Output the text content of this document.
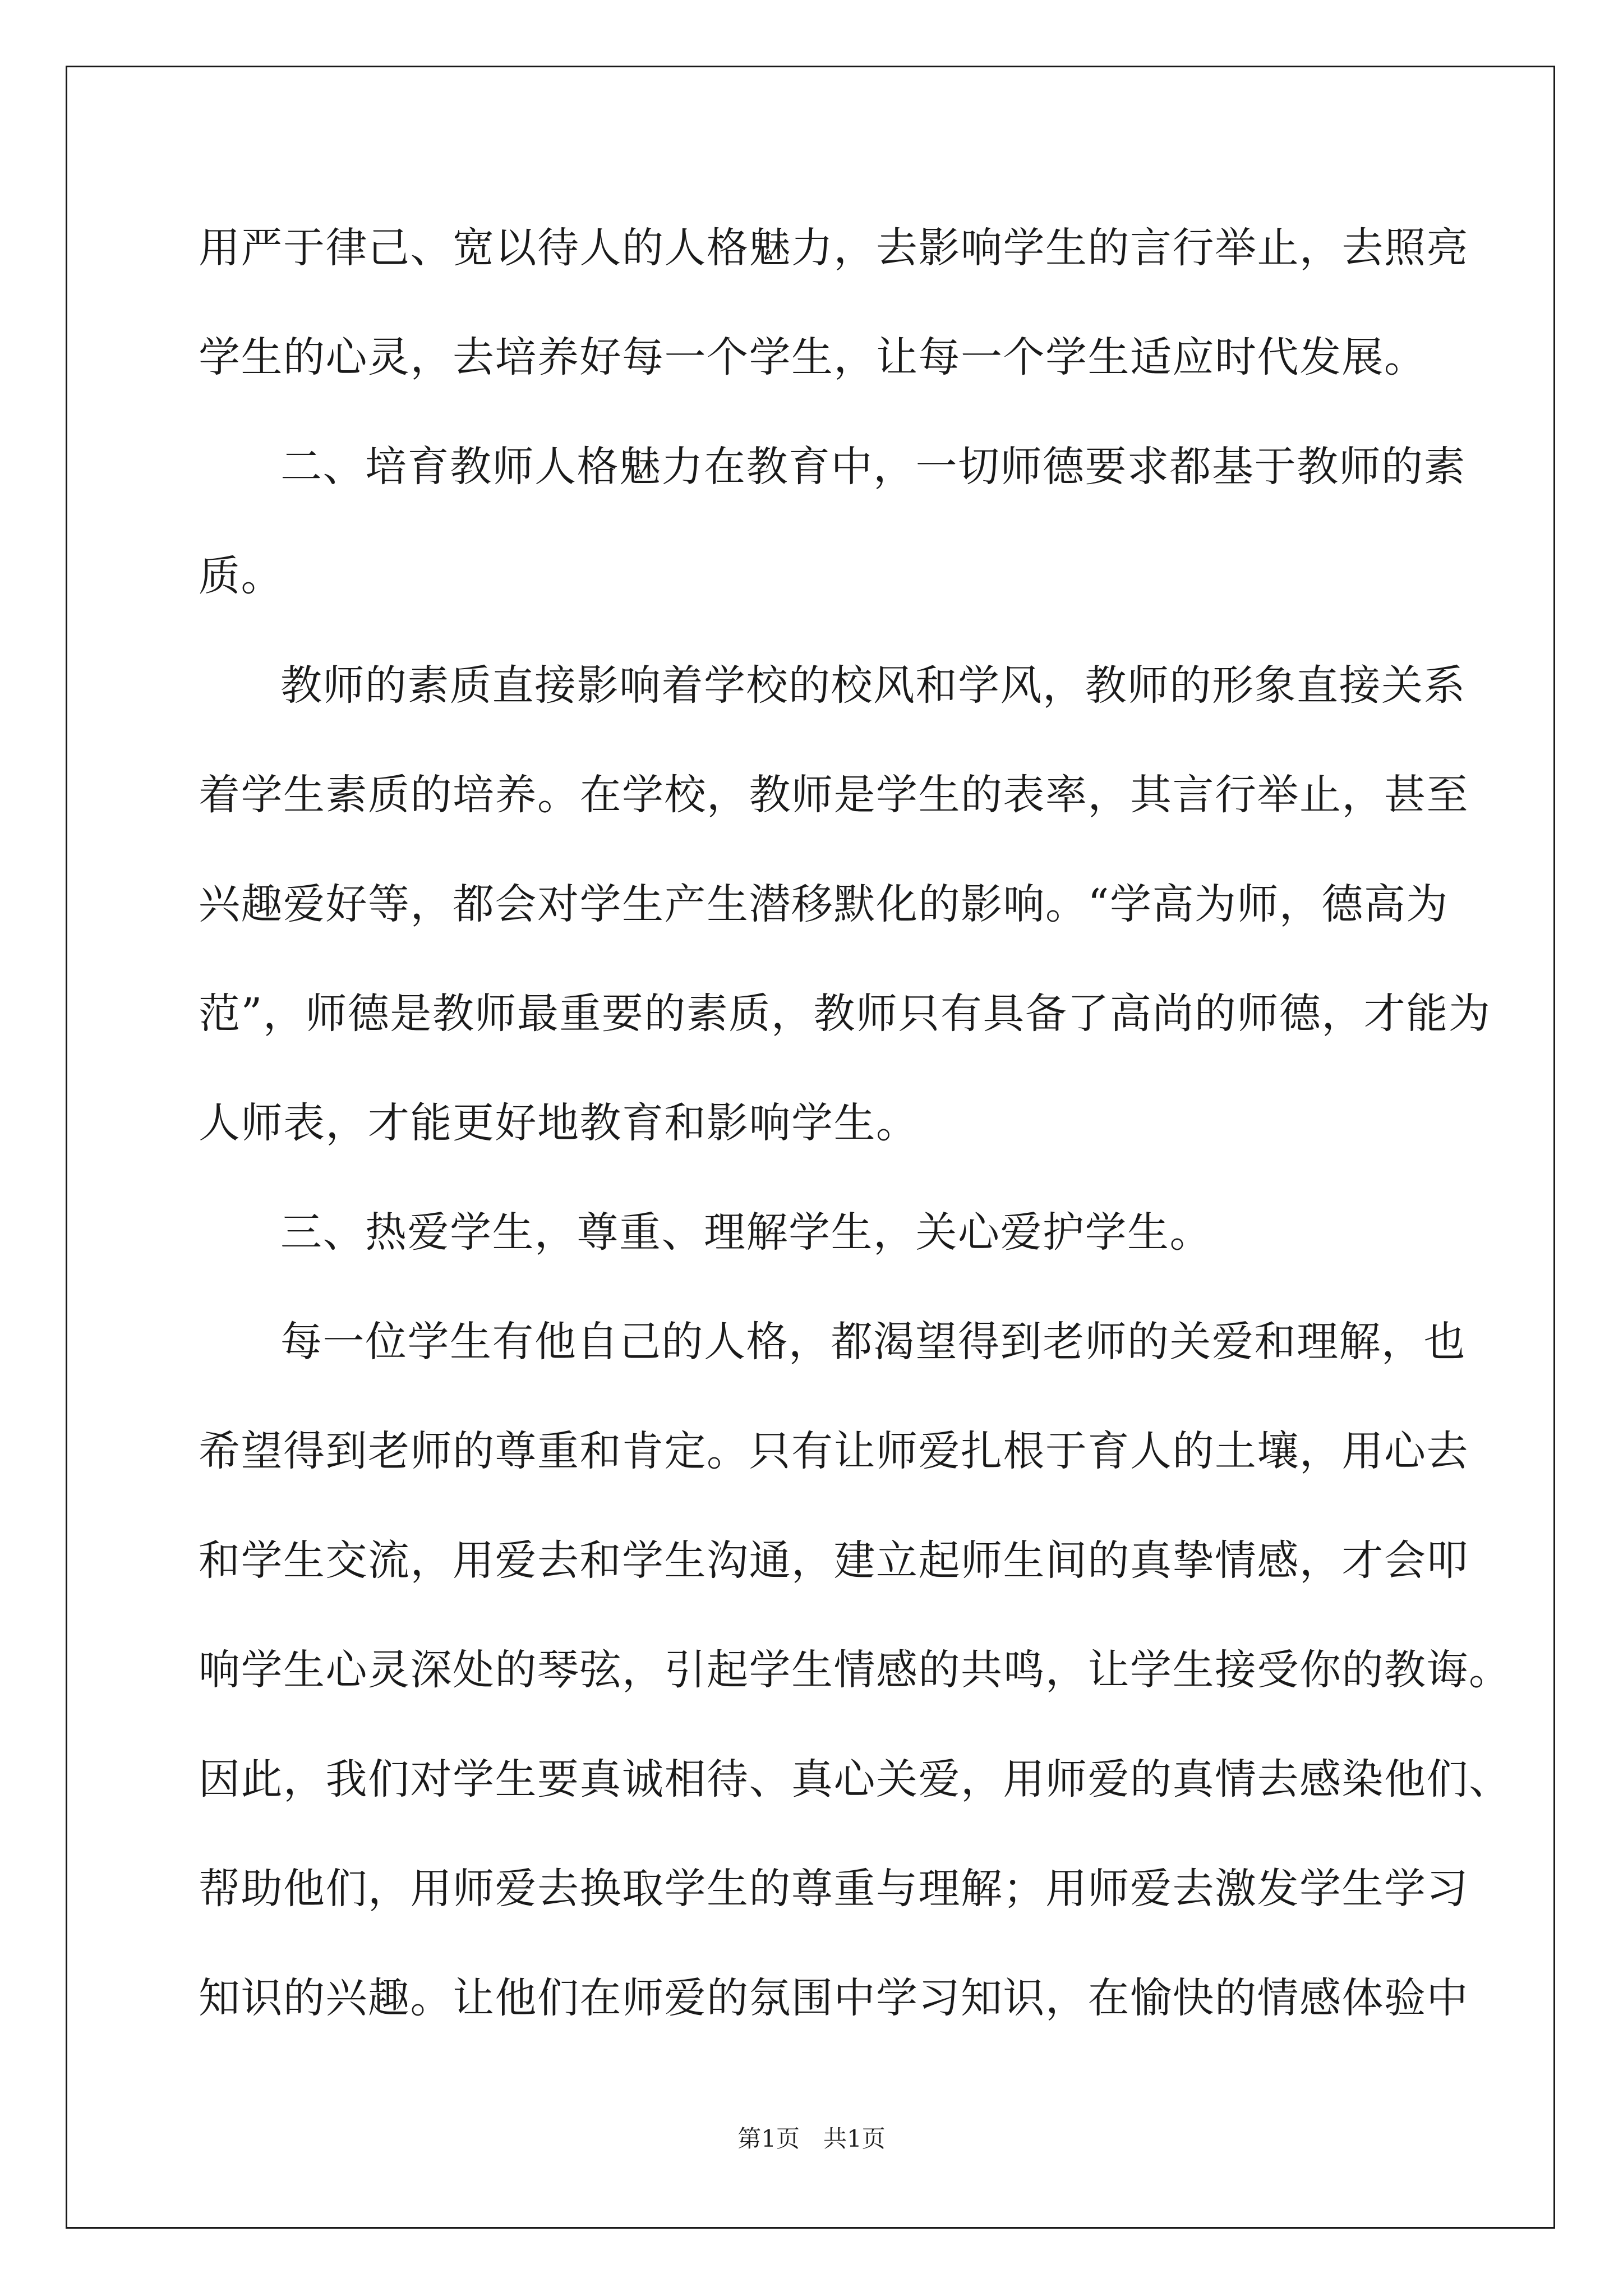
用严于律己、宽以待人的人格魅力，去影响学生的言行举止，去照亮
学生的心灵，去培养好每一个学生，让每一个学生适应时代发展。
二、培育教师人格魅力在教育中，一切师德要求都基于教师的素
质。
教师的素质直接影响着学校的校风和学风，教师的形象直接关系
着学生素质的培养。在学校，教师是学生的表率，其言行举止，甚至
兴趣爱好等，都会对学生产生潜移默化的影响。“学高为师，德高为
范”，师德是教师最重要的素质，教师只有具备了高尚的师德，才能为
人师表，才能更好地教育和影响学生。
三、热爱学生，尊重、理解学生，关心爱护学生。
每一位学生有他自己的人格，都渴望得到老师的关爱和理解，也
希望得到老师的尊重和肯定。只有让师爱扎根于育人的土壤，用心去
和学生交流，用爱去和学生沟通，建立起师生间的真挚情感，才会叩
响学生心灵深处的琴弦，引起学生情感的共鸣，让学生接受你的教诲。
因此，我们对学生要真诚相待、真心关爱，用师爱的真情去感染他们、
帮助他们，用师爱去换取学生的尊重与理解；用师爱去激发学生学习
知识的兴趣。让他们在师爱的氛围中学习知识，在愉快的情感体验中
第1页　共1页
